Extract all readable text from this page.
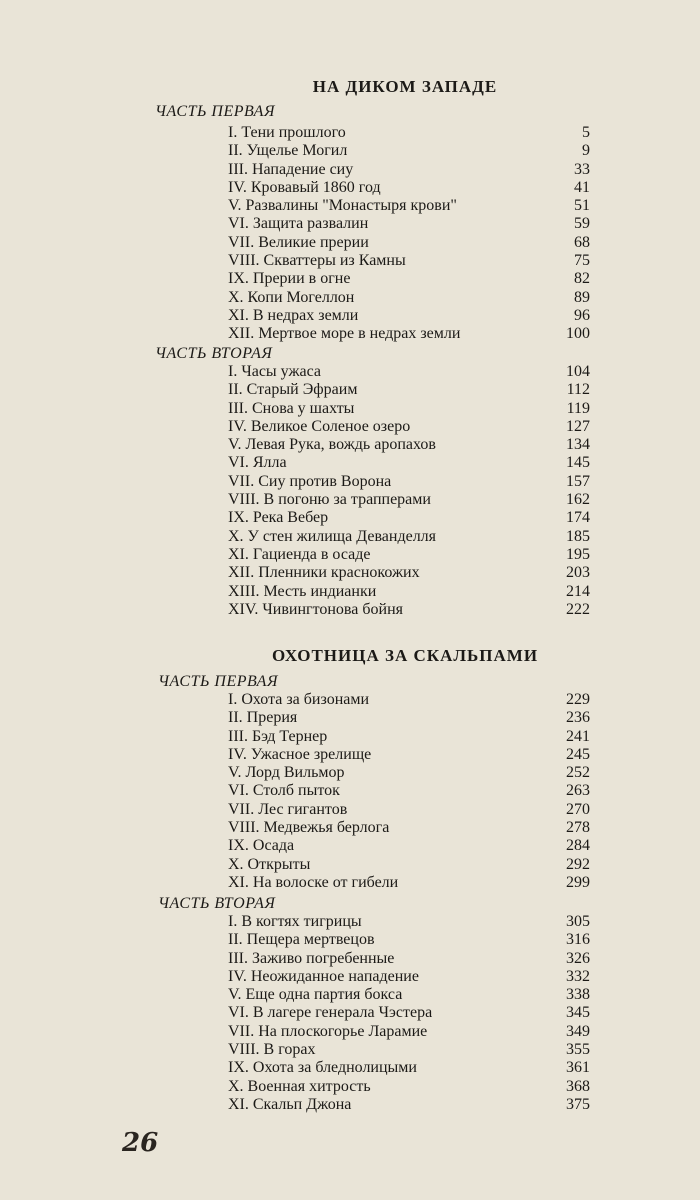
НА ДИКОМ ЗАПАДЕ
ЧАСТЬ ПЕРВАЯ
I. Тени прошлого	5
II. Ущелье Могил	9
III. Нападение сиу	33
IV. Кровавый 1860 год	41
V. Развалины "Монастыря крови"	51
VI. Защита развалин	59
VII. Великие прерии	68
VIII. Скваттеры из Камны	75
IX. Прерии в огне	82
X. Копи Могеллон	89
XI. В недрах земли	96
XII. Мертвое море в недрах земли	100
ЧАСТЬ ВТОРАЯ
I. Часы ужаса	104
II. Старый Эфраим	112
III. Снова у шахты	119
IV. Великое Соленое озеро	127
V. Левая Рука, вождь аропахов	134
VI. Ялла	145
VII. Сиу против Ворона	157
VIII. В погоню за трапперами	162
IX. Река Вебер	174
X. У стен жилища Деванделля	185
XI. Гациенда в осаде	195
XII. Пленники краснокожих	203
XIII. Месть индианки	214
XIV. Чивингтонова бойня	222
ОХОТНИЦА ЗА СКАЛЬПАМИ
ЧАСТЬ ПЕРВАЯ
I. Охота за бизонами	229
II. Прерия	236
III. Бэд Тернер	241
IV. Ужасное зрелище	245
V. Лорд Вильмор	252
VI. Столб пыток	263
VII. Лес гигантов	270
VIII. Медвежья берлога	278
IX. Осада	284
X. Открыты	292
XI. На волоске от гибели	299
ЧАСТЬ ВТОРАЯ
I. В когтях тигрицы	305
II. Пещера мертвецов	316
III. Заживо погребенные	326
IV. Неожиданное нападение	332
V. Еще одна партия бокса	338
VI. В лагере генерала Чэстера	345
VII. На плоскогорье Ларамие	349
VIII. В горах	355
IX. Охота за бледнолицыми	361
X. Военная хитрость	368
XI. Скальп Джона	375
26
